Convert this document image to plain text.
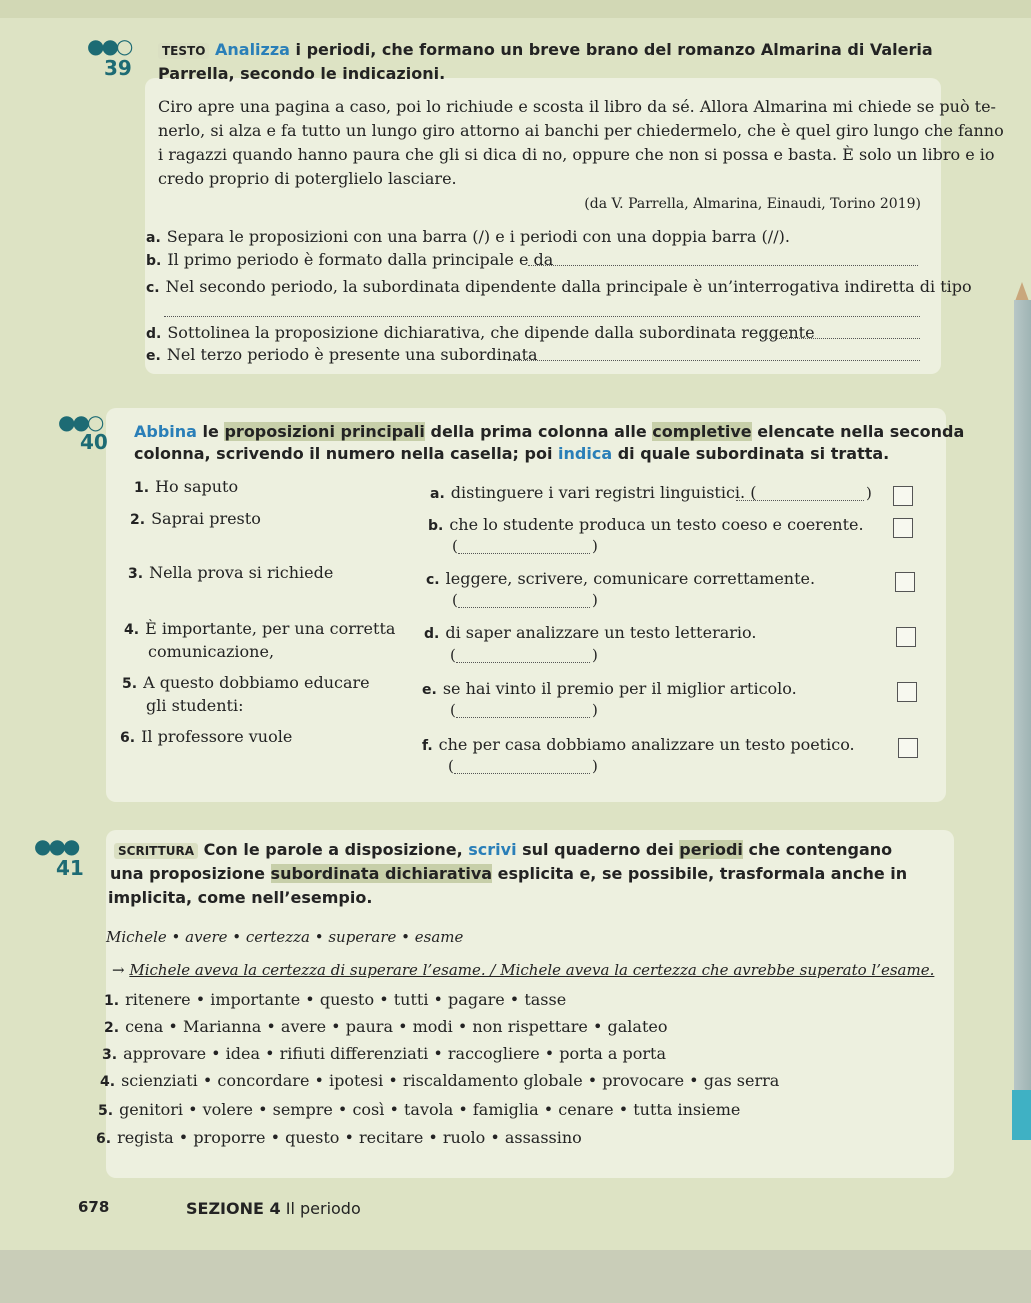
●●○
39
TESTO Analizza i periodi, che formano un breve brano del romanzo Almarina di Valeria
Parrella, secondo le indicazioni.
Ciro apre una pagina a caso, poi lo richiude e scosta il libro da sé. Allora Almarina mi chiede se può te-
nerlo, si alza e fa tutto un lungo giro attorno ai banchi per chiedermelo, che è quel giro lungo che fanno
i ragazzi quando hanno paura che gli si dica di no, oppure che non si possa e basta. È solo un libro e io
credo proprio di poterglielo lasciare.
(da V. Parrella, Almarina, Einaudi, Torino 2019)
a. Separa le proposizioni con una barra (/) e i periodi con una doppia barra (//).
b. Il primo periodo è formato dalla principale e da
c. Nel secondo periodo, la subordinata dipendente dalla principale è un’interrogativa indiretta di tipo
d. Sottolinea la proposizione dichiarativa, che dipende dalla subordinata reggente
e. Nel terzo periodo è presente una subordinata
●●○
40 Abbina le proposizioni principali della prima colonna alle completive elencate nella seconda
colonna, scrivendo il numero nella casella; poi indica di quale subordinata si tratta.
1. Ho saputo
2. Saprai presto
3. Nella prova si richiede
4. È importante, per una corretta
comunicazione,
5. A questo dobbiamo educare
gli studenti:
6. Il professore vuole
a. distinguere i vari registri linguistici. (	)
b. che lo studente produca un testo coeso e coerente.
(	)
c. leggere, scrivere, comunicare correttamente.
(	)
d. di saper analizzare un testo letterario.
(	)
e. se hai vinto il premio per il miglior articolo.
(	)
f. che per casa dobbiamo analizzare un testo poetico.
(	)
●●●
41
SCRITTURA Con le parole a disposizione, scrivi sul quaderno dei periodi che contengano
una proposizione subordinata dichiarativa esplicita e, se possibile, trasformala anche in
implicita, come nell’esempio.
Michele • avere • certezza • superare • esame
→ Michele aveva la certezza di superare l’esame. / Michele aveva la certezza che avrebbe superato l’esame.
1. ritenere • importante • questo • tutti • pagare • tasse
2. cena • Marianna • avere • paura • modi • non rispettare • galateo
3. approvare • idea • rifiuti differenziati • raccogliere • porta a porta
4. scienziati • concordare • ipotesi • riscaldamento globale • provocare • gas serra
5. genitori • volere • sempre • così • tavola • famiglia • cenare • tutta insieme
6. regista • proporre • questo • recitare • ruolo • assassino
678	SEZIONE 4 Il periodo
